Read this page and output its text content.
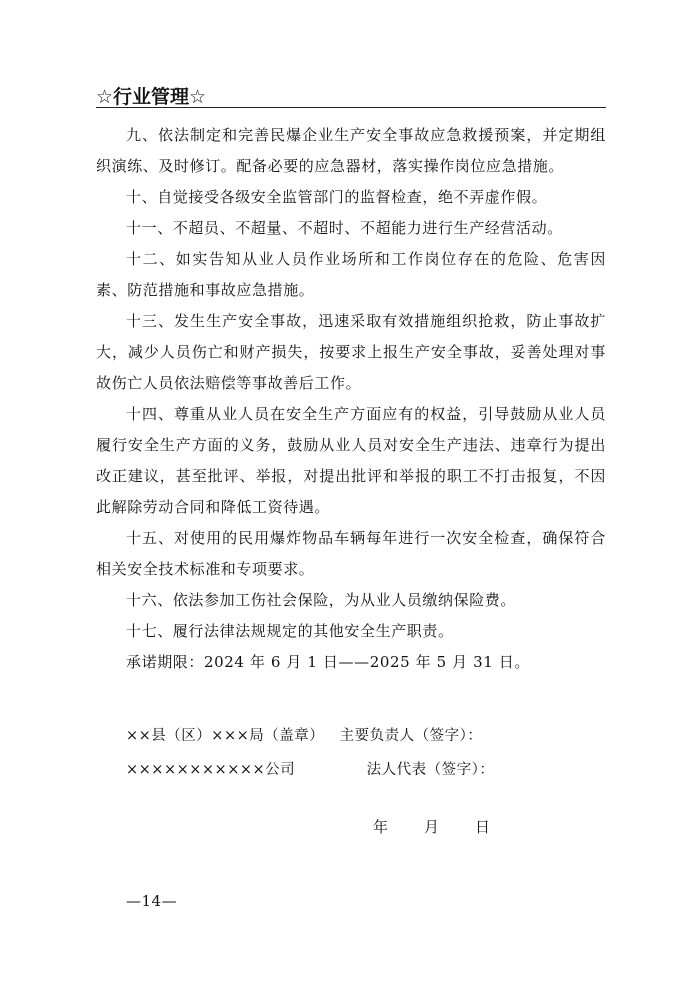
☆行业管理☆

九、依法制定和完善民爆企业生产安全事故应急救援预案，并定期组织演练、及时修订。配备必要的应急器材，落实操作岗位应急措施。

十、自觉接受各级安全监管部门的监督检查，绝不弄虚作假。

十一、不超员、不超量、不超时、不超能力进行生产经营活动。

十二、如实告知从业人员作业场所和工作岗位存在的危险、危害因素、防范措施和事故应急措施。

十三、发生生产安全事故，迅速采取有效措施组织抢救，防止事故扩大，减少人员伤亡和财产损失，按要求上报生产安全事故，妥善处理对事故伤亡人员依法赔偿等事故善后工作。

十四、尊重从业人员在安全生产方面应有的权益，引导鼓励从业人员履行安全生产方面的义务，鼓励从业人员对安全生产违法、违章行为提出改正建议，甚至批评、举报，对提出批评和举报的职工不打击报复，不因此解除劳动合同和降低工资待遇。

十五、对使用的民用爆炸物品车辆每年进行一次安全检查，确保符合相关安全技术标准和专项要求。

十六、依法参加工伤社会保险，为从业人员缴纳保险费。

十七、履行法律法规规定的其他安全生产职责。

承诺期限：2024 年 6 月 1 日——2025 年 5 月 31 日。

××县（区）×××局（盖章）   主要负责人（签字）：
×××××××××××公司              法人代表（签字）：
年 月 日
—14—
